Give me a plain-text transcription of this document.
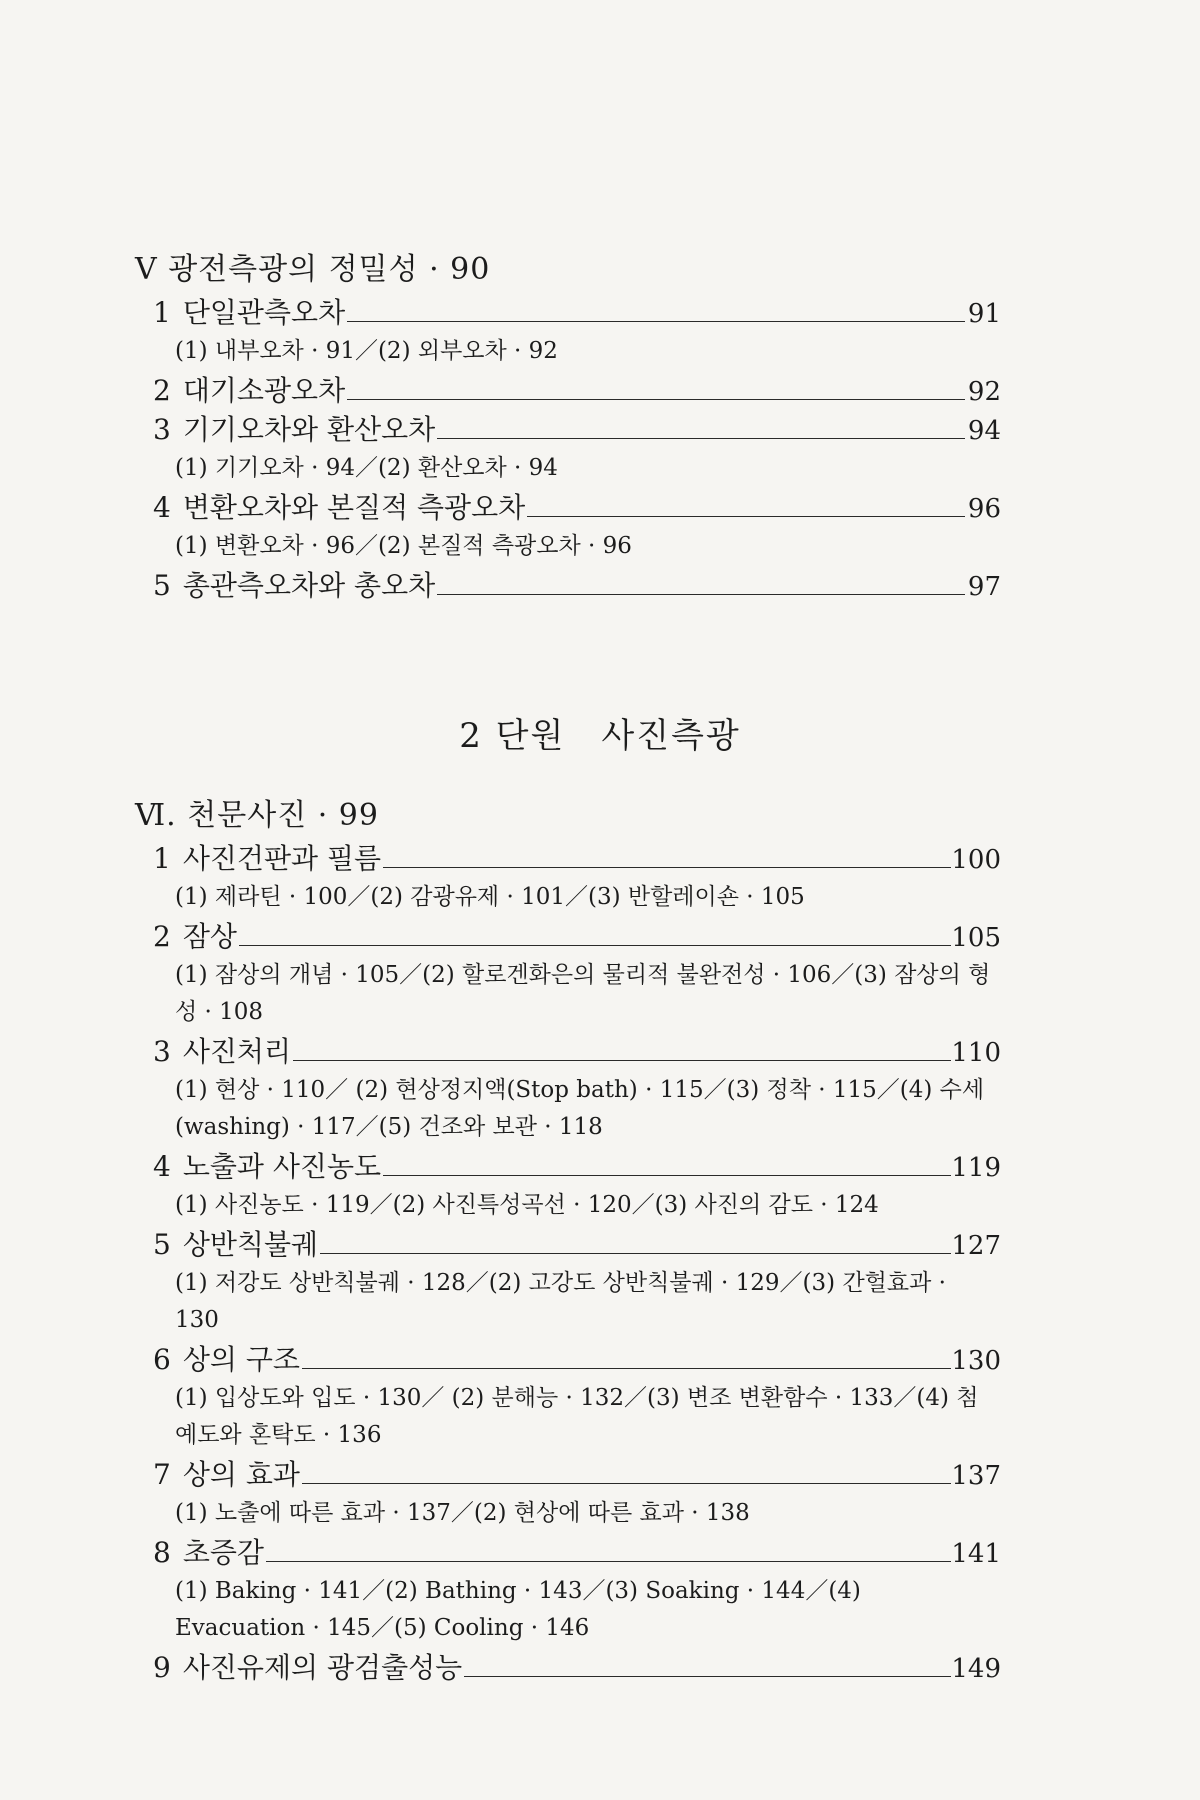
V 광전측광의 정밀성 · 90
1 단일관측오차	91
(1) 내부오차 · 91／(2) 외부오차 · 92
2 대기소광오차	92
3 기기오차와 환산오차	94
(1) 기기오차 · 94／(2) 환산오차 · 94
4 변환오차와 본질적 측광오차	96
(1) 변환오차 · 96／(2) 본질적 측광오차 · 96
5 총관측오차와 총오차	97
2 단원 사진측광
Ⅵ. 천문사진 · 99
1 사진건판과 필름	100
(1) 제라틴 · 100／(2) 감광유제 · 101／(3) 반할레이숀 · 105
2 잠상	105
(1) 잠상의 개념 · 105／(2) 할로겐화은의 물리적 불완전성 · 106／(3) 잠상의 형성 · 108
3 사진처리	110
(1) 현상 · 110／ (2) 현상정지액(Stop bath) · 115／(3) 정착 · 115／(4) 수세(washing) · 117／(5) 건조와 보관 · 118
4 노출과 사진농도	119
(1) 사진농도 · 119／(2) 사진특성곡선 · 120／(3) 사진의 감도 · 124
5 상반칙불궤	127
(1) 저강도 상반칙불궤 · 128／(2) 고강도 상반칙불궤 · 129／(3) 간헐효과 · 130
6 상의 구조	130
(1) 입상도와 입도 · 130／ (2) 분해능 · 132／(3) 변조 변환함수 · 133／(4) 첨예도와 혼탁도 · 136
7 상의 효과	137
(1) 노출에 따른 효과 · 137／(2) 현상에 따른 효과 · 138
8 초증감	141
(1) Baking · 141／(2) Bathing · 143／(3) Soaking · 144／(4) Evacuation · 145／(5) Cooling · 146
9 사진유제의 광검출성능	149
